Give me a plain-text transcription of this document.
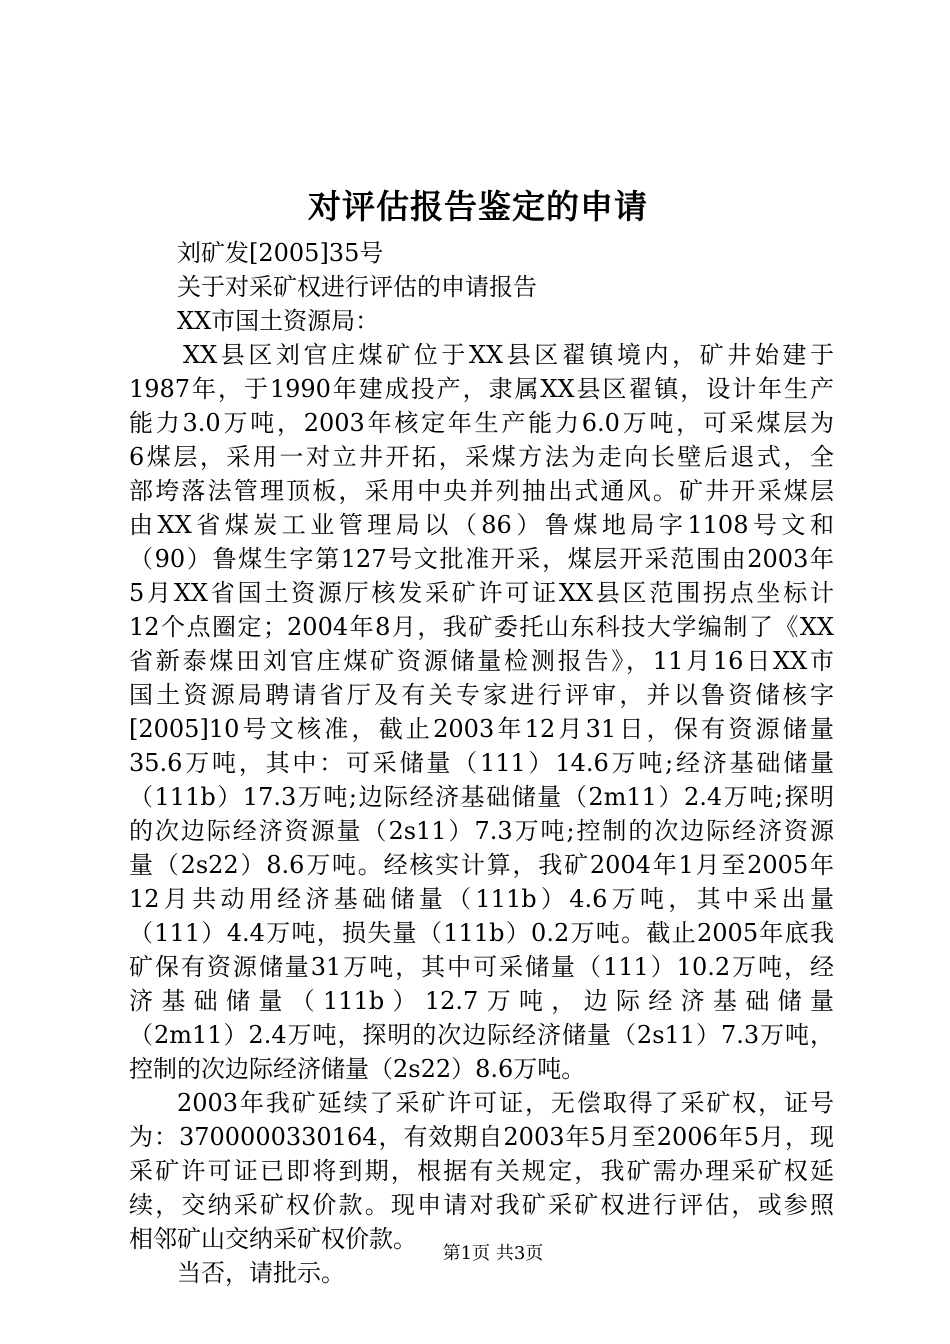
对评估报告鉴定的申请
刘矿发[2005]35号
关于对采矿权进行评估的申请报告
XX市国土资源局：
XX县区刘官庄煤矿位于XX县区翟镇境内，矿井始建于
1987年，于1990年建成投产，隶属XX县区翟镇，设计年生产
能力3.0万吨，2003年核定年生产能力6.0万吨，可采煤层为
6煤层，采用一对立井开拓，采煤方法为走向长壁后退式，全
部垮落法管理顶板，采用中央并列抽出式通风。矿井开采煤层
由XX省煤炭工业管理局以（86）鲁煤地局字1108号文和
（90）鲁煤生字第127号文批准开采，煤层开采范围由2003年
5月XX省国土资源厅核发采矿许可证XX县区范围拐点坐标计
12个点圈定；2004年8月，我矿委托山东科技大学编制了《XX
省新泰煤田刘官庄煤矿资源储量检测报告》，11月16日XX市
国土资源局聘请省厅及有关专家进行评审，并以鲁资储核字
[2005]10号文核准，截止2003年12月31日，保有资源储量
35.6万吨，其中：可采储量（111）14.6万吨;经济基础储量
（111b）17.3万吨;边际经济基础储量（2m11）2.4万吨;探明
的次边际经济资源量（2s11）7.3万吨;控制的次边际经济资源
量（2s22）8.6万吨。经核实计算，我矿2004年1月至2005年
12月共动用经济基础储量（111b）4.6万吨，其中采出量
（111）4.4万吨，损失量（111b）0.2万吨。截止2005年底我
矿保有资源储量31万吨，其中可采储量（111）10.2万吨，经
济基础储量（111b）12.7万吨，边际经济基础储量
（2m11）2.4万吨，探明的次边际经济储量（2s11）7.3万吨，
控制的次边际经济储量（2s22）8.6万吨。
2003年我矿延续了采矿许可证，无偿取得了采矿权，证号
为：3700000330164，有效期自2003年5月至2006年5月，现
采矿许可证已即将到期，根据有关规定，我矿需办理采矿权延
续，交纳采矿权价款。现申请对我矿采矿权进行评估，或参照
相邻矿山交纳采矿权价款。
当否，请批示。
第1页 共3页
